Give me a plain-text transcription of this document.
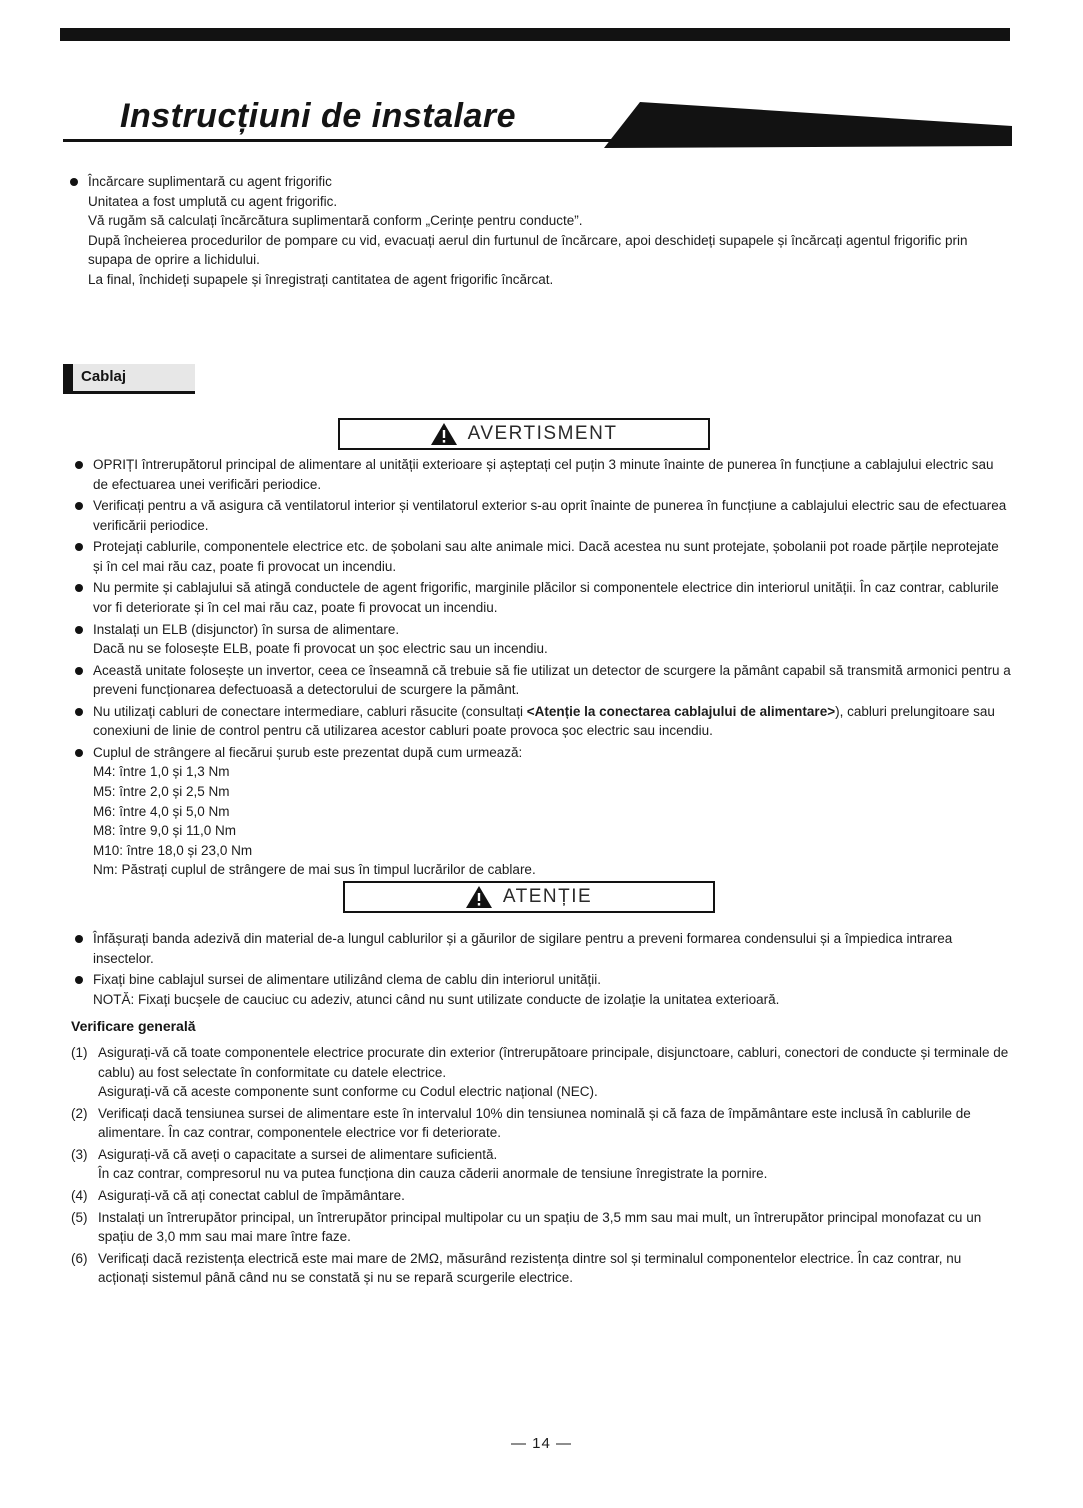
Instrucțiuni de instalare
Încărcare suplimentară cu agent frigorific
Unitatea a fost umplută cu agent frigorific.
Vă rugăm să calculați încărcătura suplimentară conform „Cerințe pentru conducte”.
După încheierea procedurilor de pompare cu vid, evacuați aerul din furtunul de încărcare, apoi deschideți supapele și încărcați agentul frigorific prin supapa de oprire a lichidului.
La final, închideți supapele și înregistrați cantitatea de agent frigorific încărcat.
Cablaj
AVERTISMENT
OPRIȚI întrerupătorul principal de alimentare al unității exterioare și așteptați cel puțin 3 minute înainte de punerea în funcțiune a cablajului electric sau de efectuarea unei verificări periodice.
Verificați pentru a vă asigura că ventilatorul interior și ventilatorul exterior s-au oprit înainte de punerea în funcțiune a cablajului electric sau de efectuarea verificării periodice.
Protejați cablurile, componentele electrice etc. de șobolani sau alte animale mici. Dacă acestea nu sunt protejate, șobolanii pot roade părțile neprotejate și în cel mai rău caz, poate fi provocat un incendiu.
Nu permite și cablajului să atingă conductele de agent frigorific, marginile plăcilor si componentele electrice din interiorul unității. În caz contrar, cablurile vor fi deteriorate și în cel mai rău caz, poate fi provocat un incendiu.
Instalați un ELB (disjunctor) în sursa de alimentare.
Dacă nu se folosește ELB, poate fi provocat un șoc electric sau un incendiu.
Această unitate folosește un invertor, ceea ce înseamnă că trebuie să fie utilizat un detector de scurgere la pământ capabil să transmită armonici pentru a preveni funcționarea defectuoasă a detectorului de scurgere la pământ.
Nu utilizați cabluri de conectare intermediare, cabluri răsucite (consultați <Atenție la conectarea cablajului de alimentare>), cabluri prelungitoare sau conexiuni de linie de control pentru că utilizarea acestor cabluri poate provoca șoc electric sau incendiu.
Cuplul de strângere al fiecărui șurub este prezentat după cum urmează:
M4: între 1,0 și 1,3 Nm
M5: între 2,0 și 2,5 Nm
M6: între 4,0 și 5,0 Nm
M8: între 9,0 și 11,0 Nm
M10: între 18,0 și 23,0 Nm
Nm: Păstrați cuplul de strângere de mai sus în timpul lucrărilor de cablare.
ATENȚIE
Înfășurați banda adezivă din material de-a lungul cablurilor și a găurilor de sigilare pentru a preveni formarea condensului și a împiedica intrarea insectelor.
Fixați bine cablajul sursei de alimentare utilizând clema de cablu din interiorul unității.
NOTĂ: Fixați bucșele de cauciuc cu adeziv, atunci când nu sunt utilizate conducte de izolație la unitatea exterioară.
Verificare generală
(1) Asigurați-vă că toate componentele electrice procurate din exterior (întrerupătoare principale, disjunctoare, cabluri, conectori de conducte și terminale de cablu) au fost selectate în conformitate cu datele electrice.
Asigurați-vă că aceste componente sunt conforme cu Codul electric național (NEC).
(2) Verificați dacă tensiunea sursei de alimentare este în intervalul 10% din tensiunea nominală și că faza de împământare este inclusă în cablurile de alimentare. În caz contrar, componentele electrice vor fi deteriorate.
(3) Asigurați-vă că aveți o capacitate a sursei de alimentare suficientă.
În caz contrar, compresorul nu va putea funcționa din cauza căderii anormale de tensiune înregistrate la pornire.
(4) Asigurați-vă că ați conectat cablul de împământare.
(5) Instalați un întrerupător principal, un întrerupător principal multipolar cu un spațiu de 3,5 mm sau mai mult, un întrerupător principal monofazat cu un spațiu de 3,0 mm sau mai mare între faze.
(6) Verificați dacă rezistența electrică este mai mare de 2MΩ, măsurând rezistența dintre sol și terminalul componentelor electrice. În caz contrar, nu acționați sistemul până când nu se constată și nu se repară scurgerile electrice.
— 14 —
